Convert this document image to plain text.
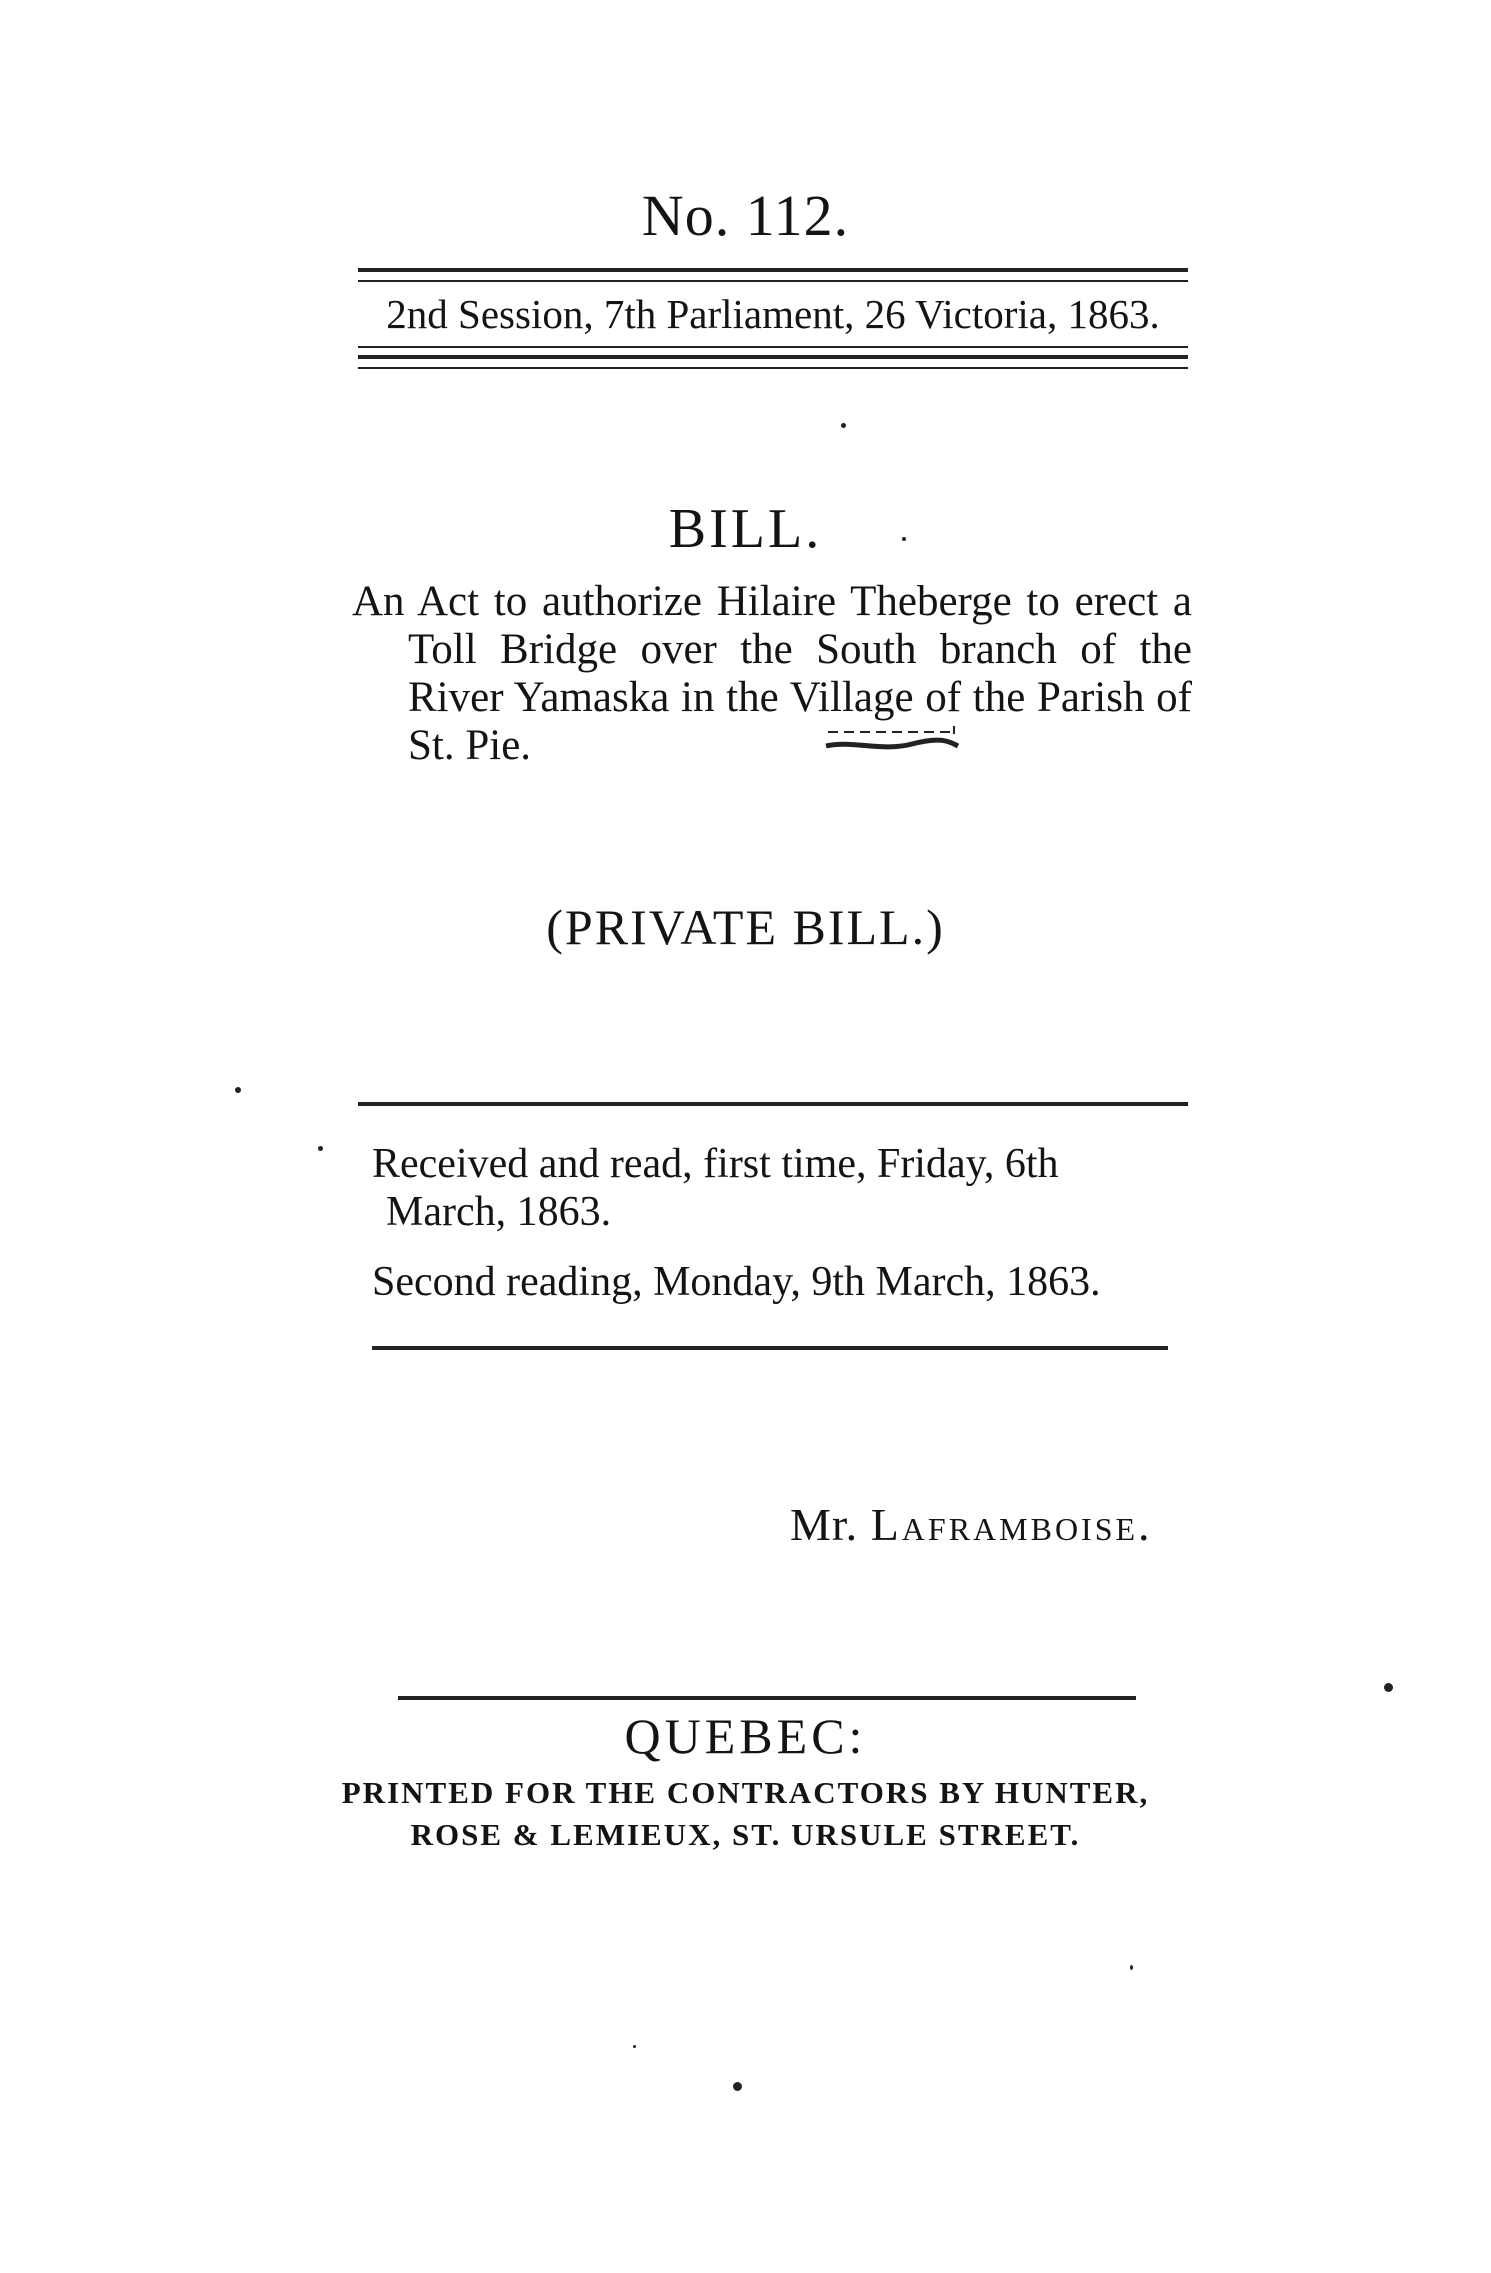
No. 112.
2nd Session, 7th Parliament, 26 Victoria, 1863.
BILL.
An Act to authorize Hilaire Theberge to erect a Toll Bridge over the South branch of the River Yamaska in the Village of the Parish of St. Pie.
(PRIVATE BILL.)
Received and read, first time, Friday, 6th
March, 1863.
Second reading, Monday, 9th March, 1863.
Mr. Laframboise.
QUEBEC:
PRINTED FOR THE CONTRACTORS BY HUNTER,
ROSE & LEMIEUX, ST. URSULE STREET.
